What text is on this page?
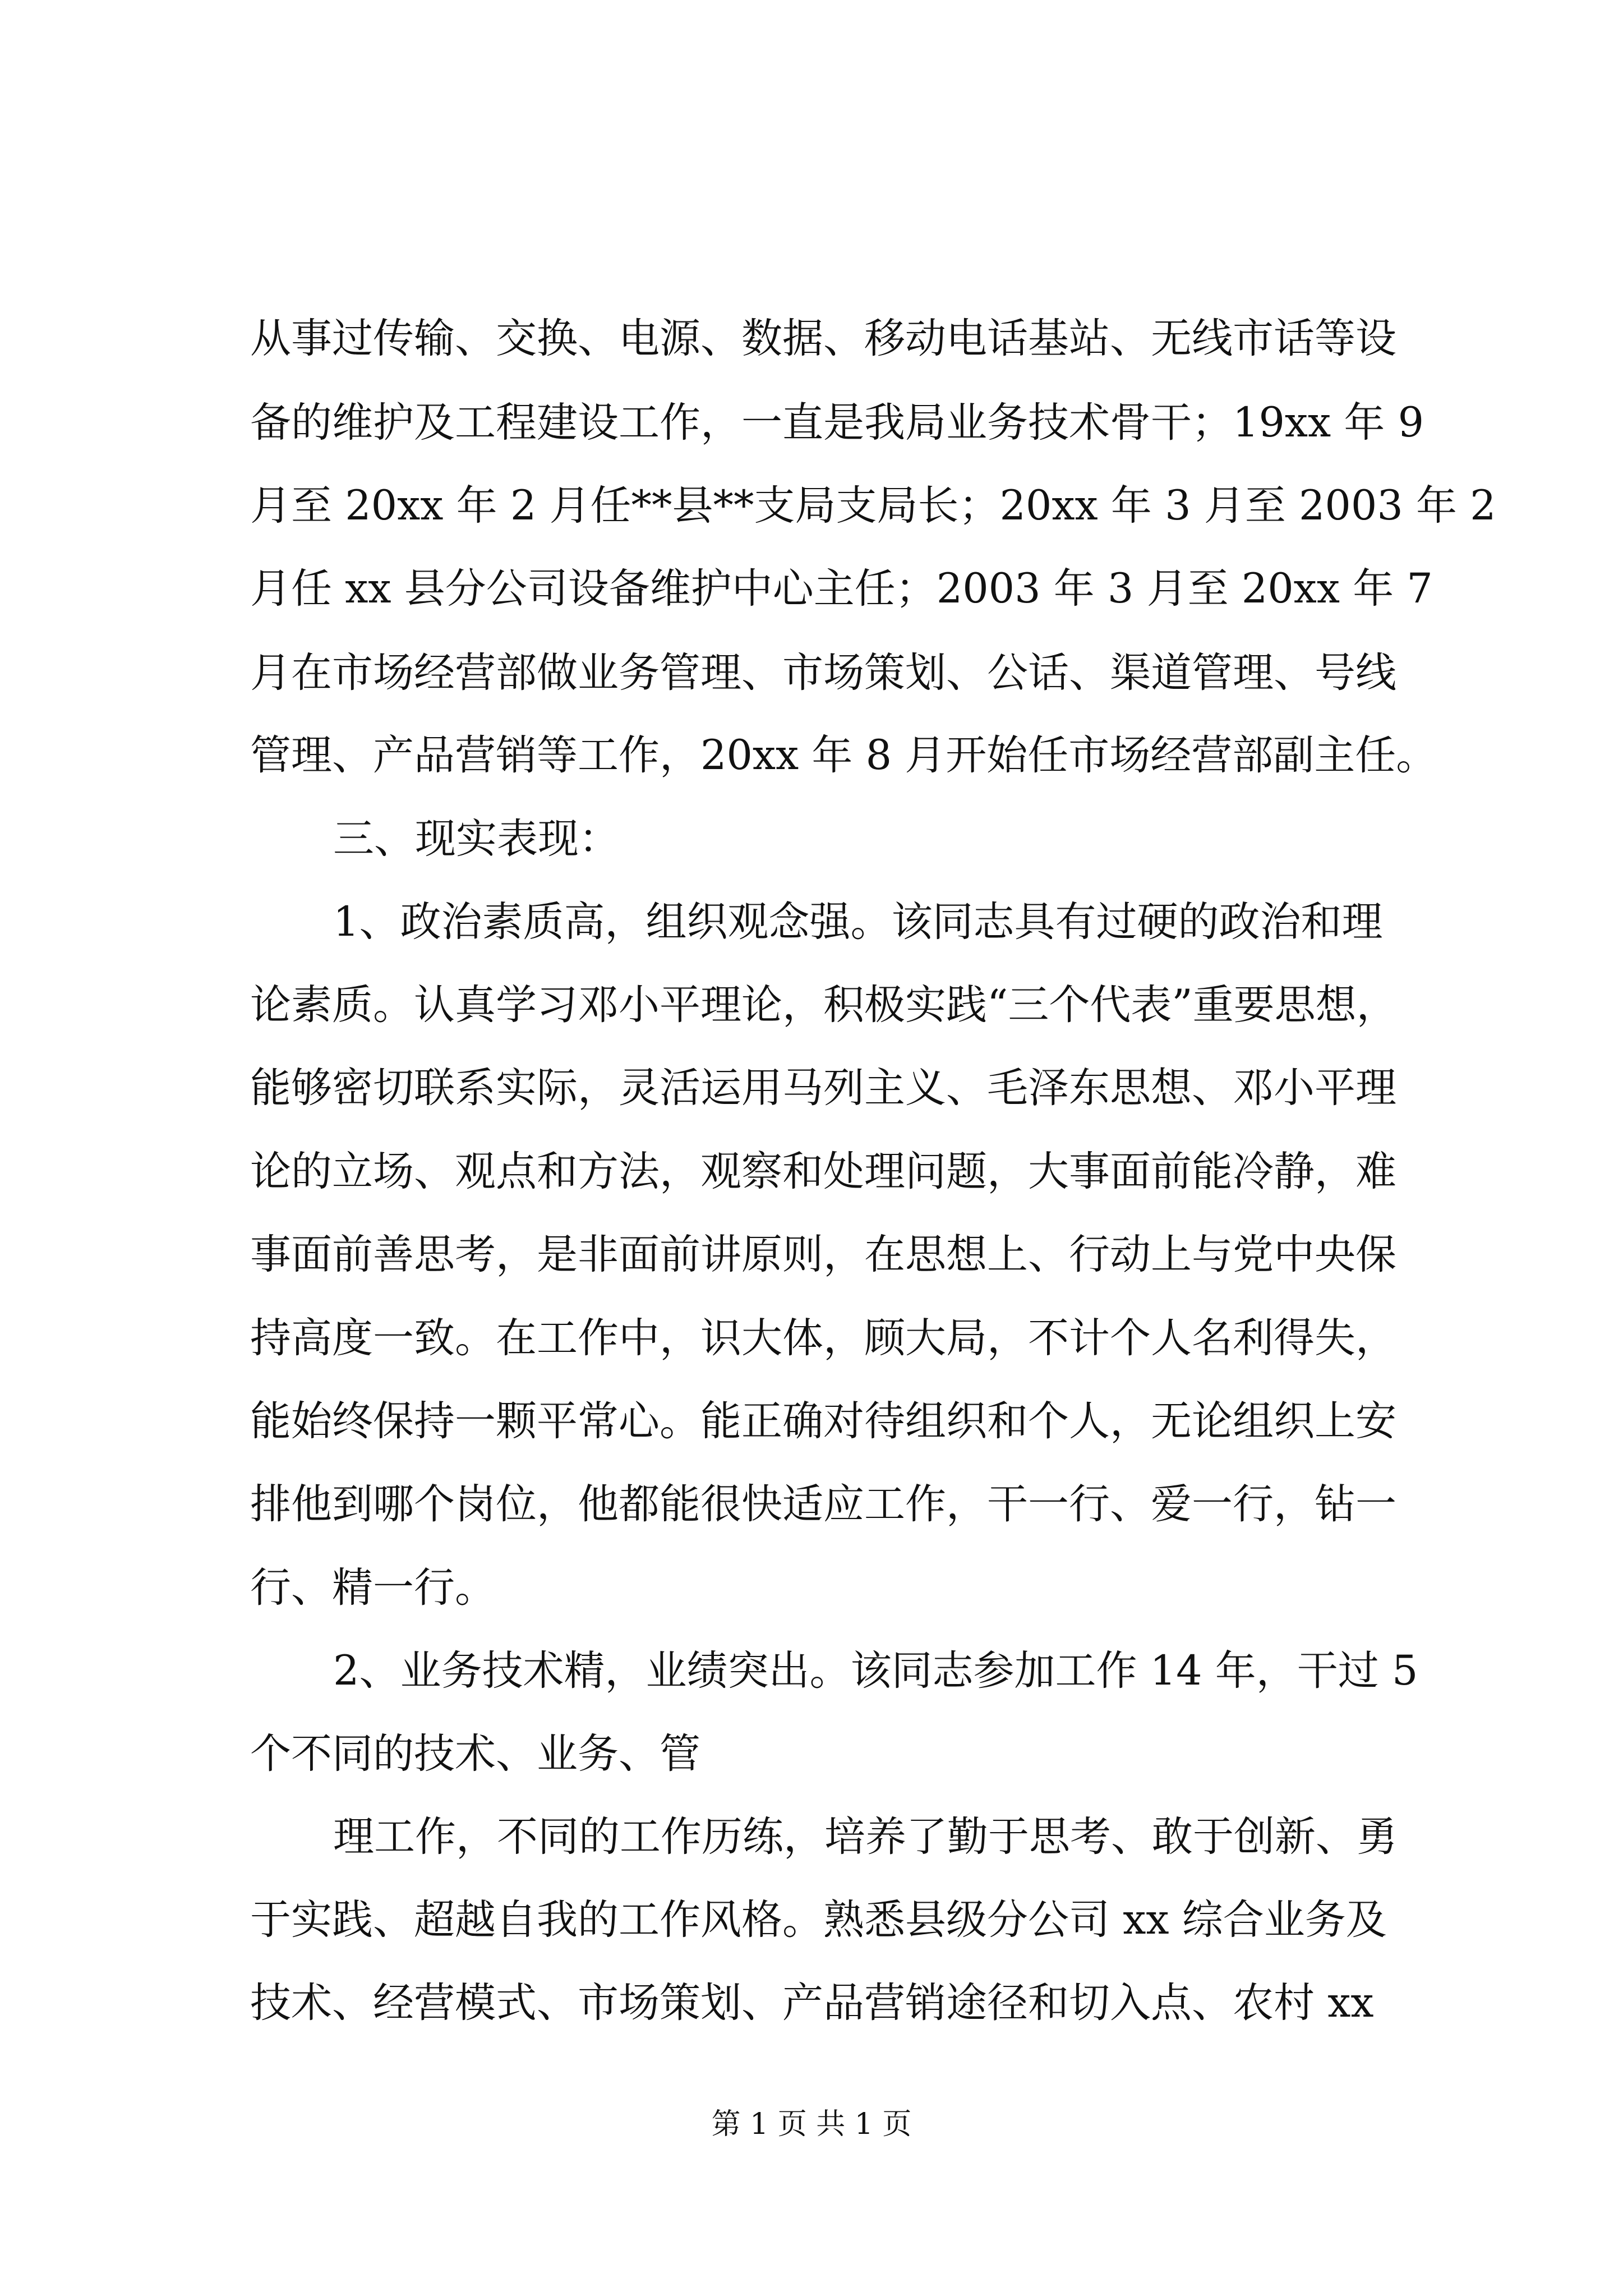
从事过传输、交换、电源、数据、移动电话基站、无线市话等设
备的维护及工程建设工作，一直是我局业务技术骨干；19xx 年 9
月至 20xx 年 2 月任**县**支局支局长；20xx 年 3 月至 2003 年 2
月任 xx 县分公司设备维护中心主任；2003 年 3 月至 20xx 年 7
月在市场经营部做业务管理、市场策划、公话、渠道管理、号线
管理、产品营销等工作，20xx 年 8 月开始任市场经营部副主任。
三、现实表现：
1、政治素质高，组织观念强。该同志具有过硬的政治和理
论素质。认真学习邓小平理论，积极实践“三个代表”重要思想，
能够密切联系实际，灵活运用马列主义、毛泽东思想、邓小平理
论的立场、观点和方法，观察和处理问题，大事面前能冷静，难
事面前善思考，是非面前讲原则，在思想上、行动上与党中央保
持高度一致。在工作中，识大体，顾大局，不计个人名利得失，
能始终保持一颗平常心。能正确对待组织和个人，无论组织上安
排他到哪个岗位，他都能很快适应工作，干一行、爱一行，钻一
行、精一行。
2、业务技术精，业绩突出。该同志参加工作 14 年，干过 5
个不同的技术、业务、管
理工作，不同的工作历练，培养了勤于思考、敢于创新、勇
于实践、超越自我的工作风格。熟悉县级分公司 xx 综合业务及
技术、经营模式、市场策划、产品营销途径和切入点、农村 xx
第 1 页 共 1 页
